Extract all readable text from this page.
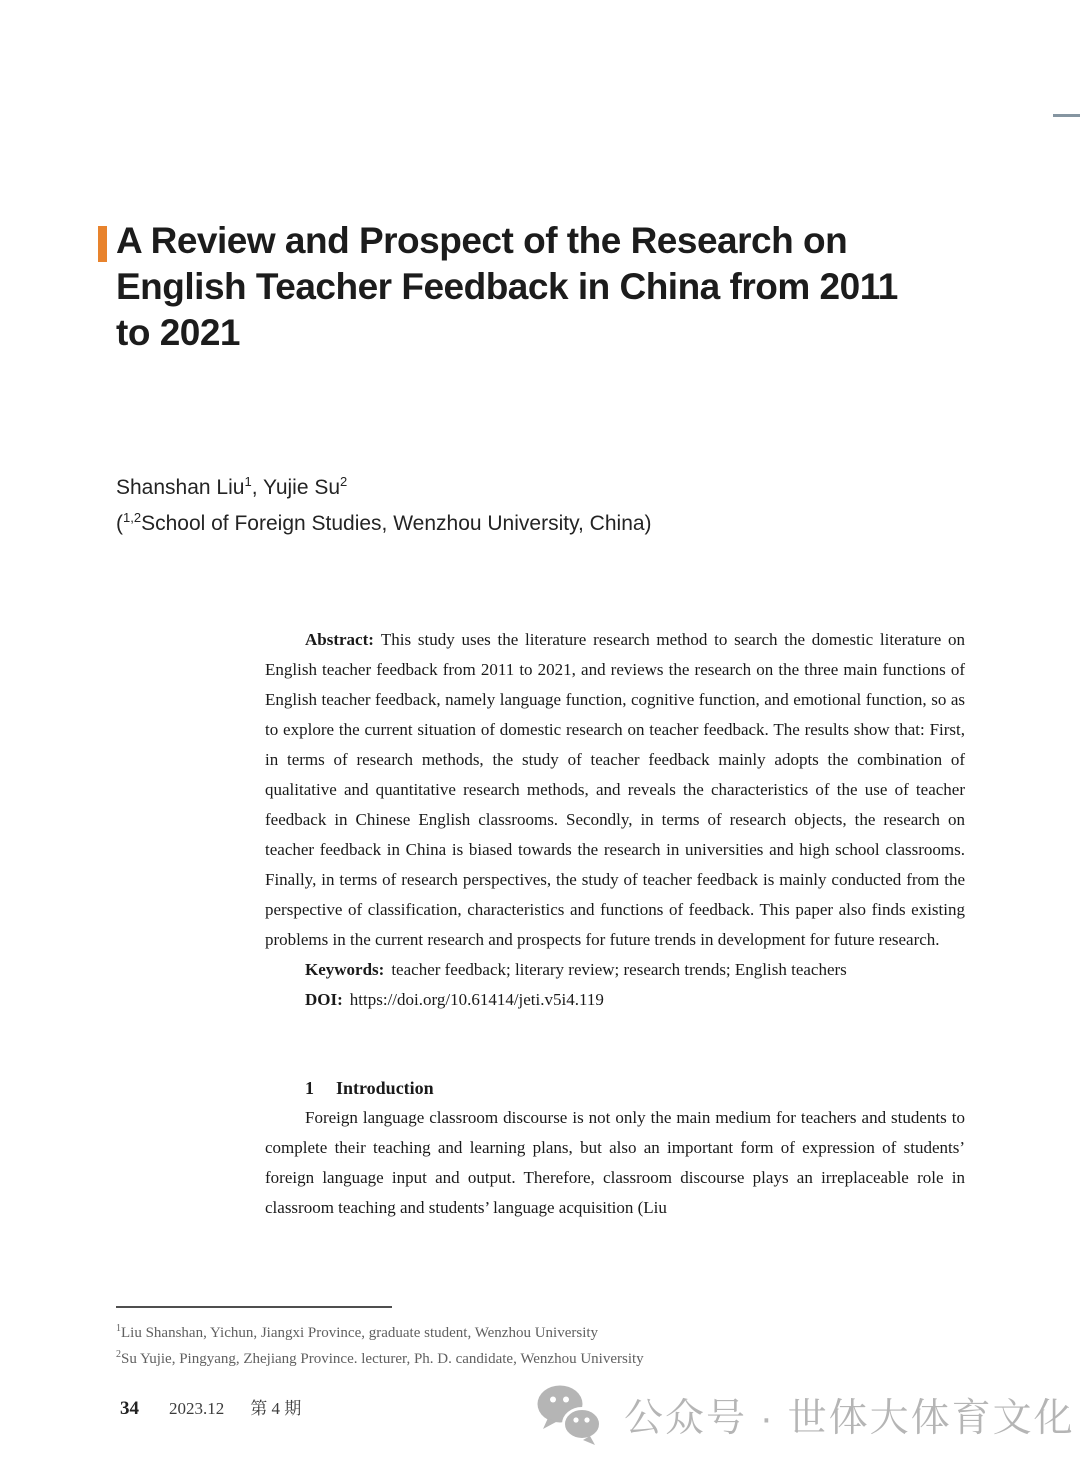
A Review and Prospect of the Research on
English Teacher Feedback in China from 2011
to 2021
Shanshan Liu$^1$, Yujie Su$^2$
($^{1,2}$School of Foreign Studies, Wenzhou University, China)

Abstract: This study uses the literature research method to search the domestic literature on English teacher feedback from 2011 to 2021, and reviews the research on the three main functions of English teacher feedback, namely language function, cognitive function, and emotional function, so as to explore the current situation of domestic research on teacher feedback. The results show that: First, in terms of research methods, the study of teacher feedback mainly adopts the combination of qualitative and quantitative research methods, and reveals the characteristics of the use of teacher feedback in Chinese English classrooms. Secondly, in terms of research objects, the research on teacher feedback in China is biased towards the research in universities and high school classrooms. Finally, in terms of research perspectives, the study of teacher feedback is mainly conducted from the perspective of classification, characteristics and functions of feedback. This paper also finds existing problems in the current research and prospects for future trends in development for future research.

Keywords: teacher feedback; literary review; research trends; English teachers

DOI: https://doi.org/10.61414/jeti.v5i4.119

1 Introduction

Foreign language classroom discourse is not only the main medium for teachers and students to complete their teaching and learning plans, but also an important form of expression of students’ foreign language input and output. Therefore, classroom discourse plays an irreplaceable role in classroom teaching and students’ language acquisition (Liu

$^1$Liu Shanshan, Yichun, Jiangxi Province, graduate student, Wenzhou University
$^2$Su Yujie, Pingyang, Zhejiang Province. lecturer, Ph. D. candidate, Wenzhou University
34 2023.12 第 4 期	公众号 · 世体大体育文化
